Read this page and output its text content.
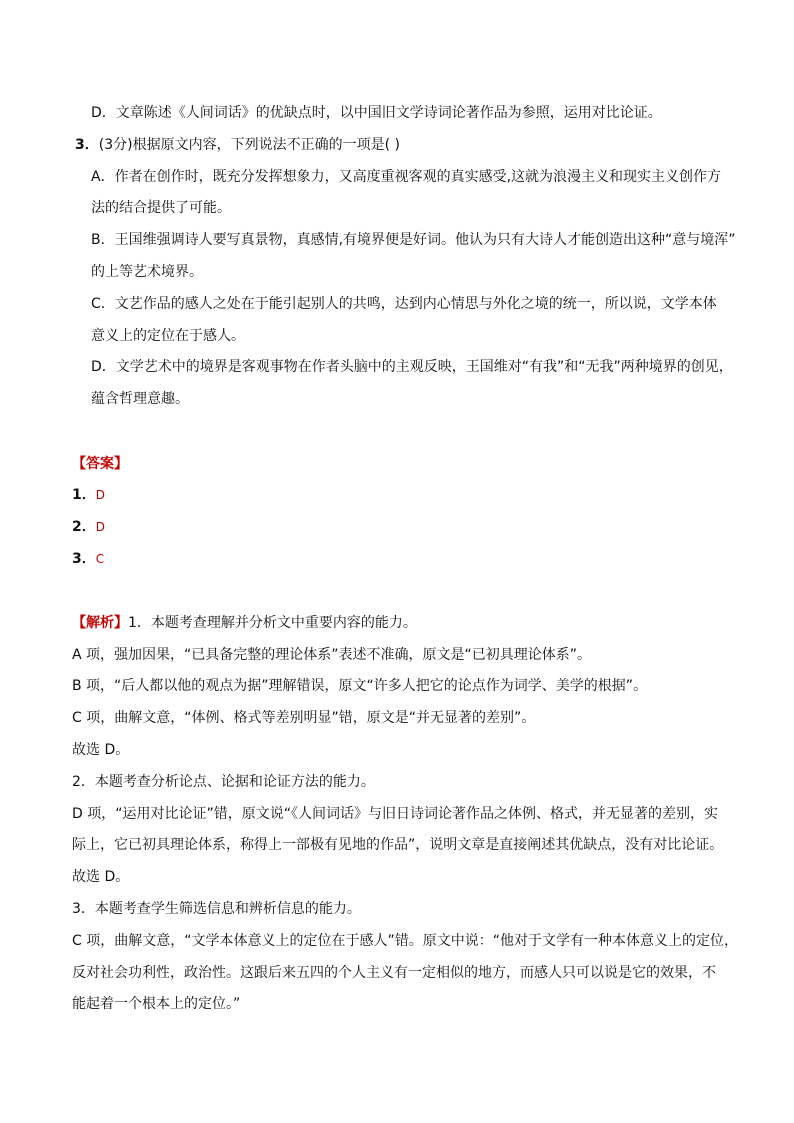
D．文章陈述《人间词话》的优缺点时，以中国旧文学诗词论著作品为参照，运用对比论证。
3．(3分)根据原文内容，下列说法不正确的一项是( )
A．作者在创作时，既充分发挥想象力，又高度重视客观的真实感受,这就为浪漫主义和现实主义创作方
法的结合提供了可能。
B．王国维强调诗人要写真景物，真感情,有境界便是好词。他认为只有大诗人才能创造出这种“意与境浑”
的上等艺术境界。
C．文艺作品的感人之处在于能引起别人的共鸣，达到内心情思与外化之境的统一，所以说，文学本体
意义上的定位在于感人。
D．文学艺术中的境界是客观事物在作者头脑中的主观反映，王国维对“有我”和“无我”两种境界的创见，
蕴含哲理意趣。
【答案】
1．D
2．D
3．C
【解析】1．本题考查理解并分析文中重要内容的能力。
A 项，强加因果，“已具备完整的理论体系”表述不准确，原文是“已初具理论体系”。
B 项，“后人都以他的观点为据”理解错误，原文“许多人把它的论点作为词学、美学的根据”。
C 项，曲解文意，“体例、格式等差别明显”错，原文是“并无显著的差别”。
故选 D。
2．本题考查分析论点、论据和论证方法的能力。
D 项，“运用对比论证”错，原文说“《人间词话》与旧日诗词论著作品之体例、格式，并无显著的差别，实
际上，它已初具理论体系，称得上一部极有见地的作品”，说明文章是直接阐述其优缺点，没有对比论证。
故选 D。
3．本题考查学生筛选信息和辨析信息的能力。
C 项，曲解文意，“文学本体意义上的定位在于感人”错。原文中说：“他对于文学有一种本体意义上的定位，
反对社会功利性，政治性。这跟后来五四的个人主义有一定相似的地方，而感人只可以说是它的效果，不
能起着一个根本上的定位。”
